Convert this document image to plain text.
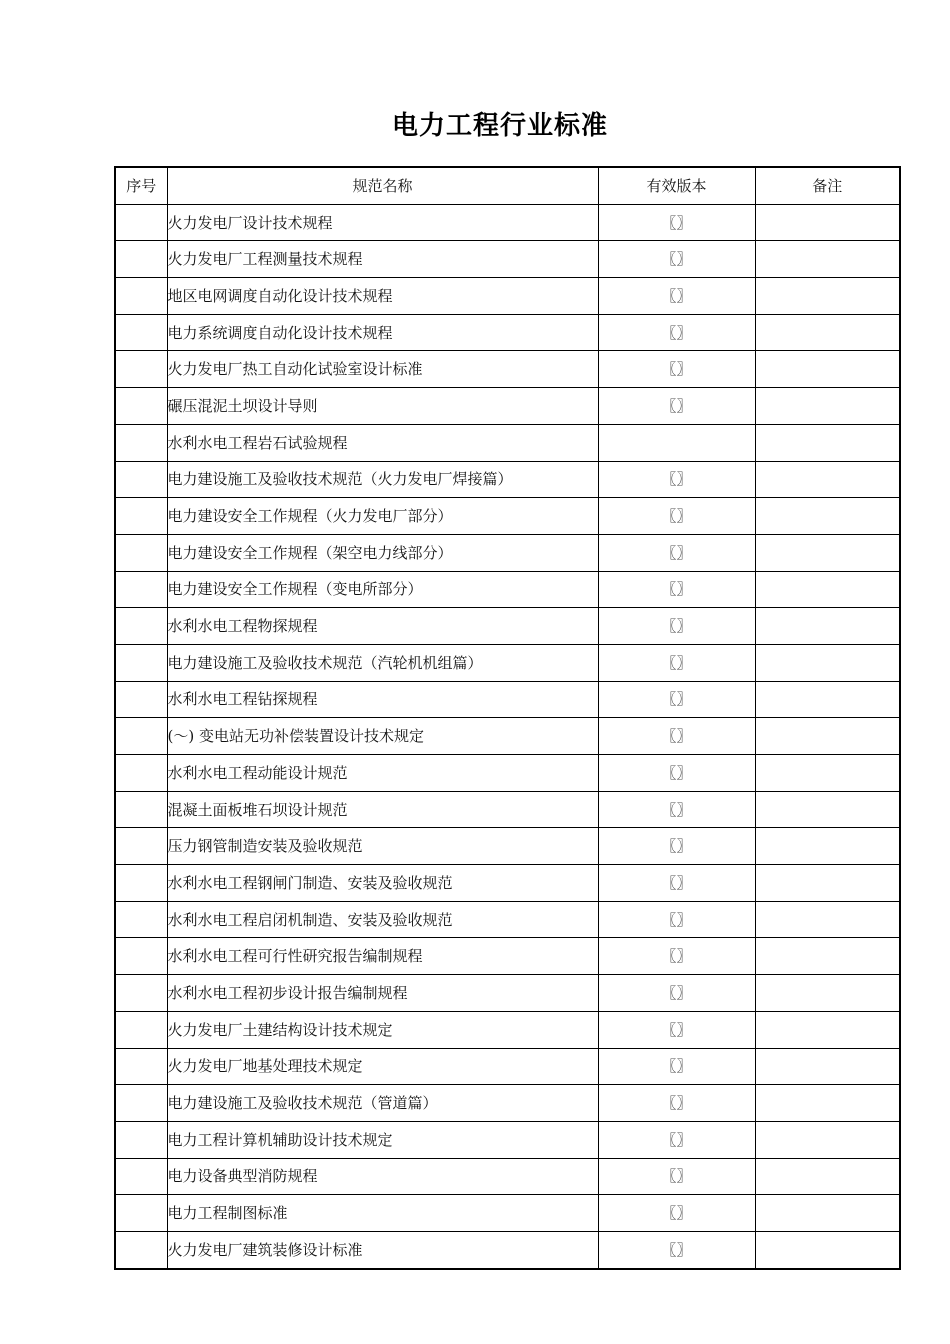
电力工程行业标准
序号	规范名称	有效版本	备注
	火力发电厂设计技术规程	〖〗	
	火力发电厂工程测量技术规程	〖〗	
	地区电网调度自动化设计技术规程	〖〗	
	电力系统调度自动化设计技术规程	〖〗	
	火力发电厂热工自动化试验室设计标准	〖〗	
	碾压混泥土坝设计导则	〖〗	
	水利水电工程岩石试验规程		
	电力建设施工及验收技术规范（火力发电厂焊接篇）	〖〗	
	电力建设安全工作规程（火力发电厂部分）	〖〗	
	电力建设安全工作规程（架空电力线部分）	〖〗	
	电力建设安全工作规程（变电所部分）	〖〗	
	水利水电工程物探规程	〖〗	
	电力建设施工及验收技术规范（汽轮机机组篇）	〖〗	
	水利水电工程钻探规程	〖〗	
	(～) 变电站无功补偿装置设计技术规定	〖〗	
	水利水电工程动能设计规范	〖〗	
	混凝土面板堆石坝设计规范	〖〗	
	压力钢管制造安装及验收规范	〖〗	
	水利水电工程钢闸门制造、安装及验收规范	〖〗	
	水利水电工程启闭机制造、安装及验收规范	〖〗	
	水利水电工程可行性研究报告编制规程	〖〗	
	水利水电工程初步设计报告编制规程	〖〗	
	火力发电厂土建结构设计技术规定	〖〗	
	火力发电厂地基处理技术规定	〖〗	
	电力建设施工及验收技术规范（管道篇）	〖〗	
	电力工程计算机辅助设计技术规定	〖〗	
	电力设备典型消防规程	〖〗	
	电力工程制图标准	〖〗	
	火力发电厂建筑装修设计标准	〖〗	
